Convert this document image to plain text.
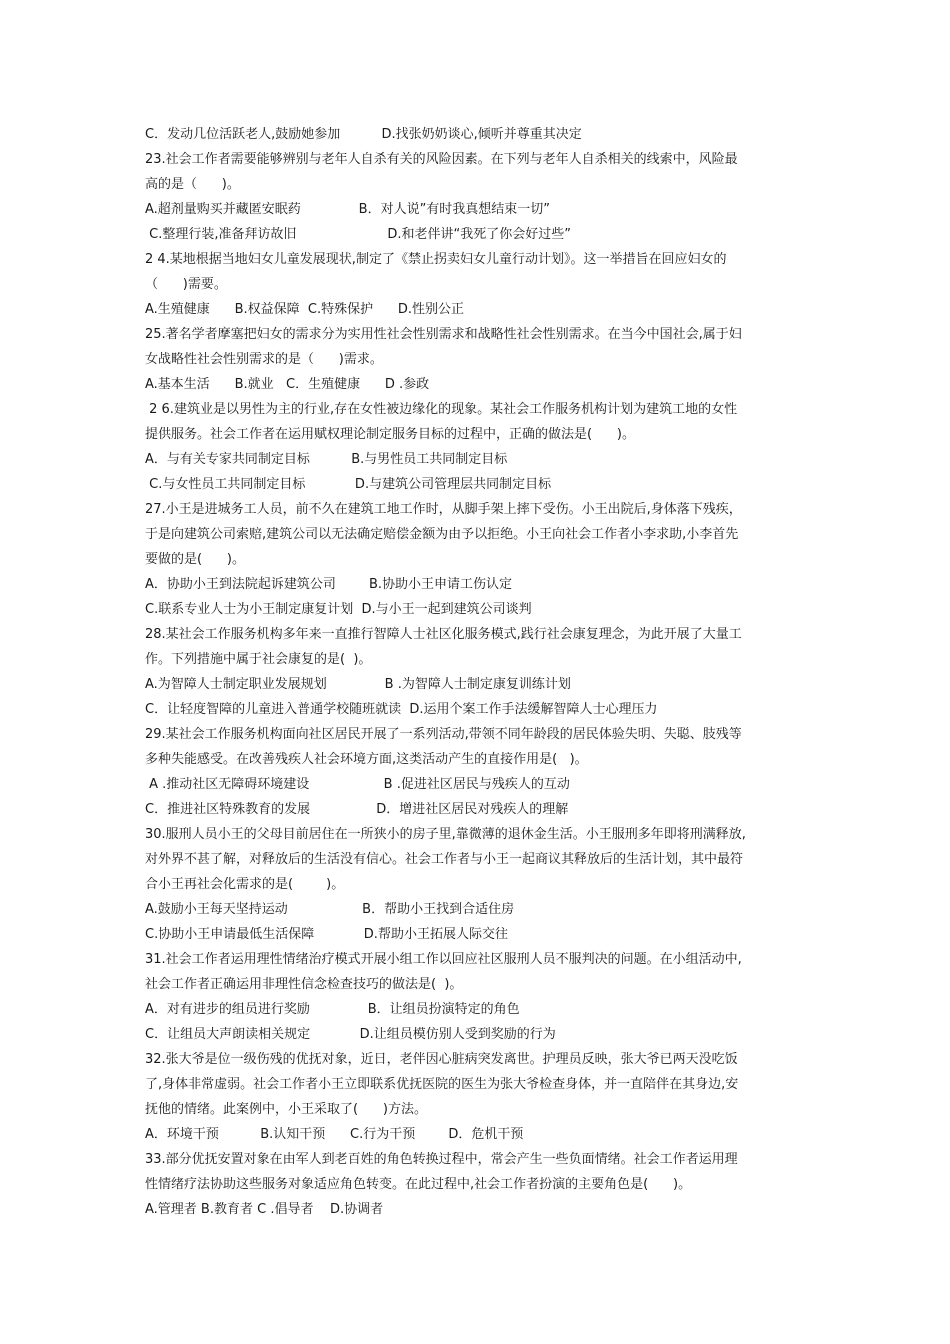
C．发动几位活跃老人,鼓励她参加          D.找张奶奶谈心,倾听并尊重其决定
23.社会工作者需要能够辨别与老年人自杀有关的风险因素。在下列与老年人自杀相关的线索中，风险最
高的是（      )。
A.超剂量购买并藏匿安眠药              B．对人说”有时我真想结束一切”
C.整理行装,准备拜访故旧                      D.和老伴讲“我死了你会好过些”
2 4.某地根据当地妇女儿童发展现状,制定了《禁止拐卖妇女儿童行动计划》。这一举措旨在回应妇女的
（      )需要。
A.生殖健康      B.权益保障  C.特殊保护      D.性别公正
25.著名学者摩塞把妇女的需求分为实用性社会性别需求和战略性社会性别需求。在当今中国社会,属于妇
女战略性社会性别需求的是（      )需求。
A.基本生活      B.就业   C．生殖健康      D .参政
2 6.建筑业是以男性为主的行业,存在女性被边缘化的现象。某社会工作服务机构计划为建筑工地的女性
提供服务。社会工作者在运用赋权理论制定服务目标的过程中，正确的做法是(      )。
A．与有关专家共同制定目标          B.与男性员工共同制定目标
C.与女性员工共同制定目标            D.与建筑公司管理层共同制定目标
27.小王是进城务工人员，前不久在建筑工地工作时，从脚手架上摔下受伤。小王出院后,身体落下残疾，
于是向建筑公司索赔,建筑公司以无法确定赔偿金额为由予以拒绝。小王向社会工作者小李求助,小李首先
要做的是(      )。
A．协助小王到法院起诉建筑公司        B.协助小王申请工伤认定
C.联系专业人士为小王制定康复计划  D.与小王一起到建筑公司谈判
28.某社会工作服务机构多年来一直推行智障人士社区化服务模式,践行社会康复理念，为此开展了大量工
作。下列措施中属于社会康复的是(  )。
A.为智障人士制定职业发展规划              B .为智障人士制定康复训练计划
C．让轻度智障的儿童进入普通学校随班就读  D.运用个案工作手法缓解智障人士心理压力
29.某社会工作服务机构面向社区居民开展了一系列活动,带领不同年龄段的居民体验失明、失聪、肢残等
多种失能感受。在改善残疾人社会环境方面,这类活动产生的直接作用是(   )。
A .推动社区无障碍环境建设                  B .促进社区居民与残疾人的互动
C．推进社区特殊教育的发展                D．增进社区居民对残疾人的理解
30.服刑人员小王的父母目前居住在一所狭小的房子里,靠微薄的退休金生活。小王服刑多年即将刑满释放,
对外界不甚了解，对释放后的生活没有信心。社会工作者与小王一起商议其释放后的生活计划，其中最符
合小王再社会化需求的是(        )。
A.鼓励小王每天坚持运动                  B．帮助小王找到合适住房
C.协助小王申请最低生活保障            D.帮助小王拓展人际交往
31.社会工作者运用理性情绪治疗模式开展小组工作以回应社区服刑人员不服判决的问题。在小组活动中,
社会工作者正确运用非理性信念检查技巧的做法是(  )。
A．对有进步的组员进行奖励              B．让组员扮演特定的角色
C．让组员大声朗读相关规定            D.让组员模仿别人受到奖励的行为
32.张大爷是位一级伤残的优抚对象，近日，老伴因心脏病突发离世。护理员反映，张大爷已两天没吃饭
了,身体非常虚弱。社会工作者小王立即联系优抚医院的医生为张大爷检查身体，并一直陪伴在其身边,安
抚他的情绪。此案例中，小王采取了(      )方法。
A．环境干预          B.认知干预      C.行为干预        D．危机干预
33.部分优抚安置对象在由军人到老百姓的角色转换过程中，常会产生一些负面情绪。社会工作者运用理
性情绪疗法协助这些服务对象适应角色转变。在此过程中,社会工作者扮演的主要角色是(      )。
A.管理者 B.教育者 C .倡导者    D.协调者
